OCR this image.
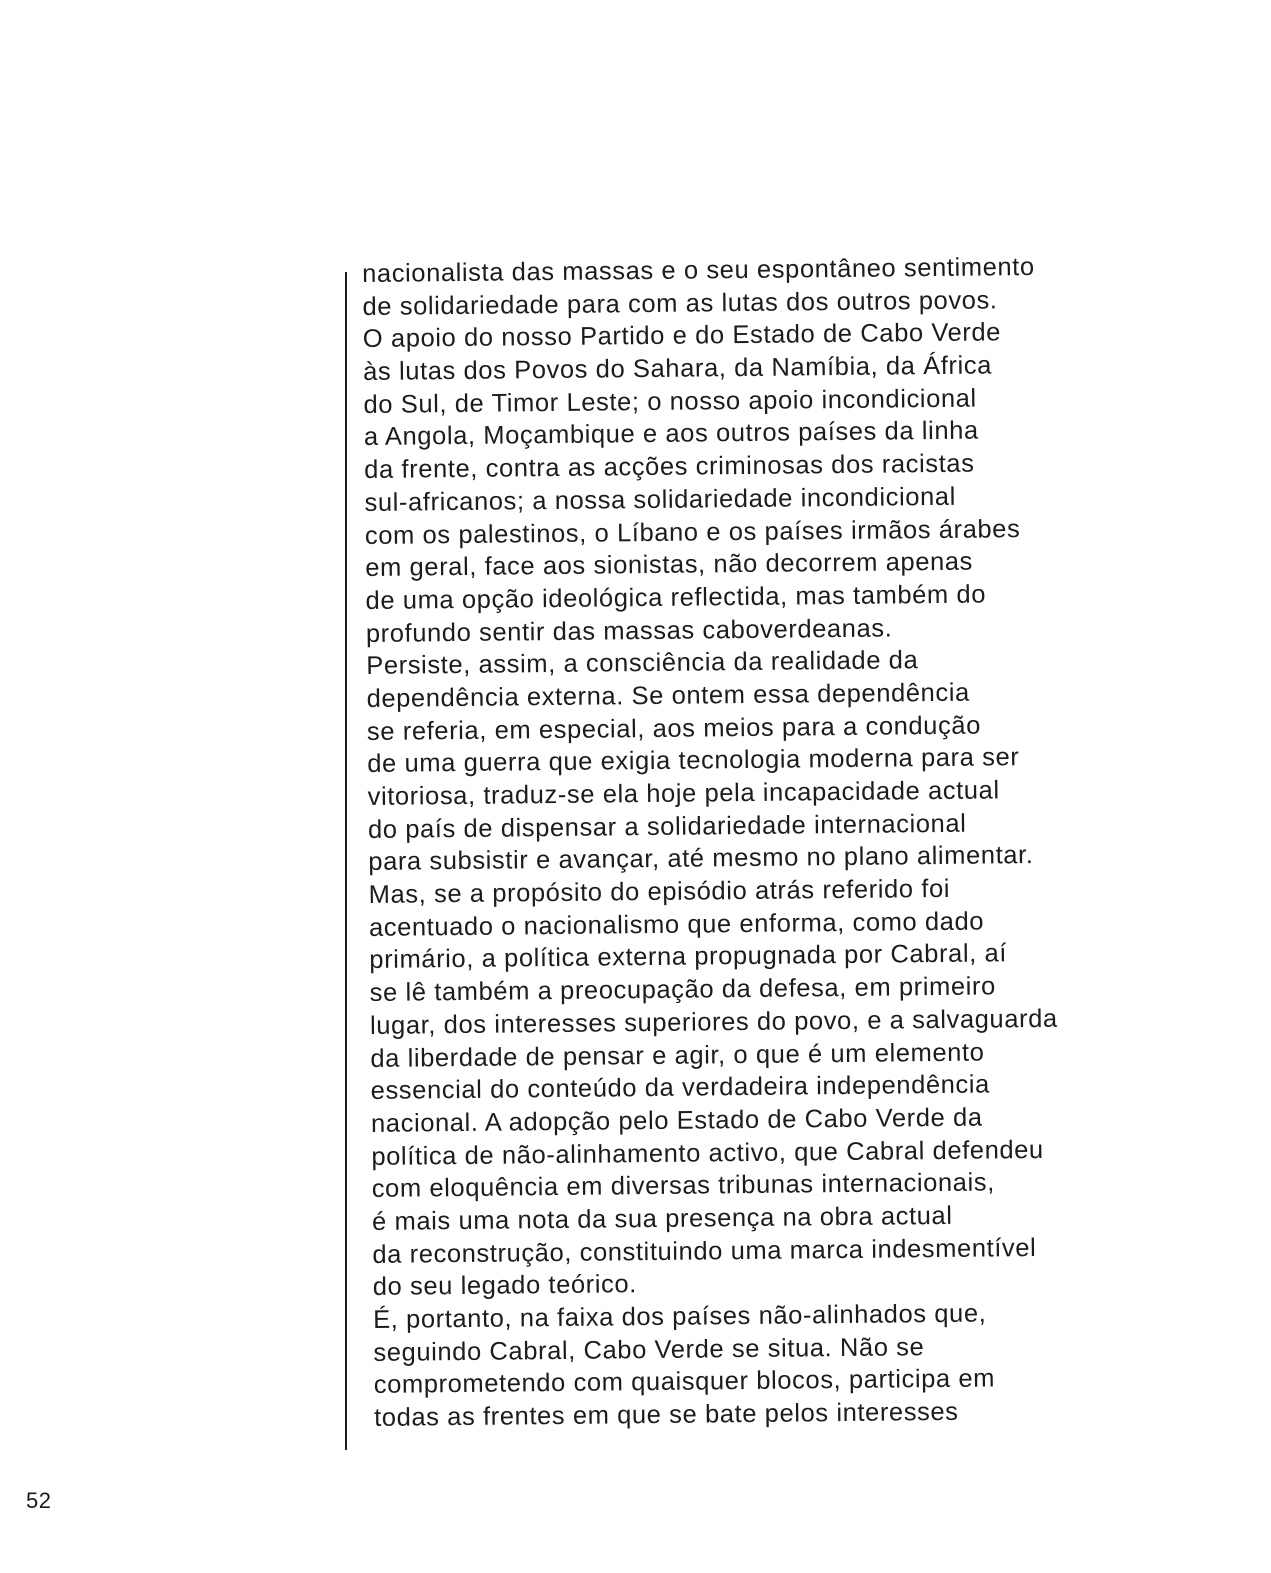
nacionalista das massas e o seu espontâneo sentimento
de solidariedade para com as lutas dos outros povos.
O apoio do nosso Partido e do Estado de Cabo Verde
às lutas dos Povos do Sahara, da Namíbia, da África
do Sul, de Timor Leste; o nosso apoio incondicional
a Angola, Moçambique e aos outros países da linha
da frente, contra as acções criminosas dos racistas
sul-africanos; a nossa solidariedade incondicional
com os palestinos, o Líbano e os países irmãos árabes
em geral, face aos sionistas, não decorrem apenas
de uma opção ideológica reflectida, mas também do
profundo sentir das massas caboverdeanas.
Persiste, assim, a consciência da realidade da
dependência externa. Se ontem essa dependência
se referia, em especial, aos meios para a condução
de uma guerra que exigia tecnologia moderna para ser
vitoriosa, traduz-se ela hoje pela incapacidade actual
do país de dispensar a solidariedade internacional
para subsistir e avançar, até mesmo no plano alimentar.
Mas, se a propósito do episódio atrás referido foi
acentuado o nacionalismo que enforma, como dado
primário, a política externa propugnada por Cabral, aí
se lê também a preocupação da defesa, em primeiro
lugar, dos interesses superiores do povo, e a salvaguarda
da liberdade de pensar e agir, o que é um elemento
essencial do conteúdo da verdadeira independência
nacional. A adopção pelo Estado de Cabo Verde da
política de não-alinhamento activo, que Cabral defendeu
com eloquência em diversas tribunas internacionais,
é mais uma nota da sua presença na obra actual
da reconstrução, constituindo uma marca indesmentível
do seu legado teórico.
É, portanto, na faixa dos países não-alinhados que,
seguindo Cabral, Cabo Verde se situa. Não se
comprometendo com quaisquer blocos, participa em
todas as frentes em que se bate pelos interesses
52
